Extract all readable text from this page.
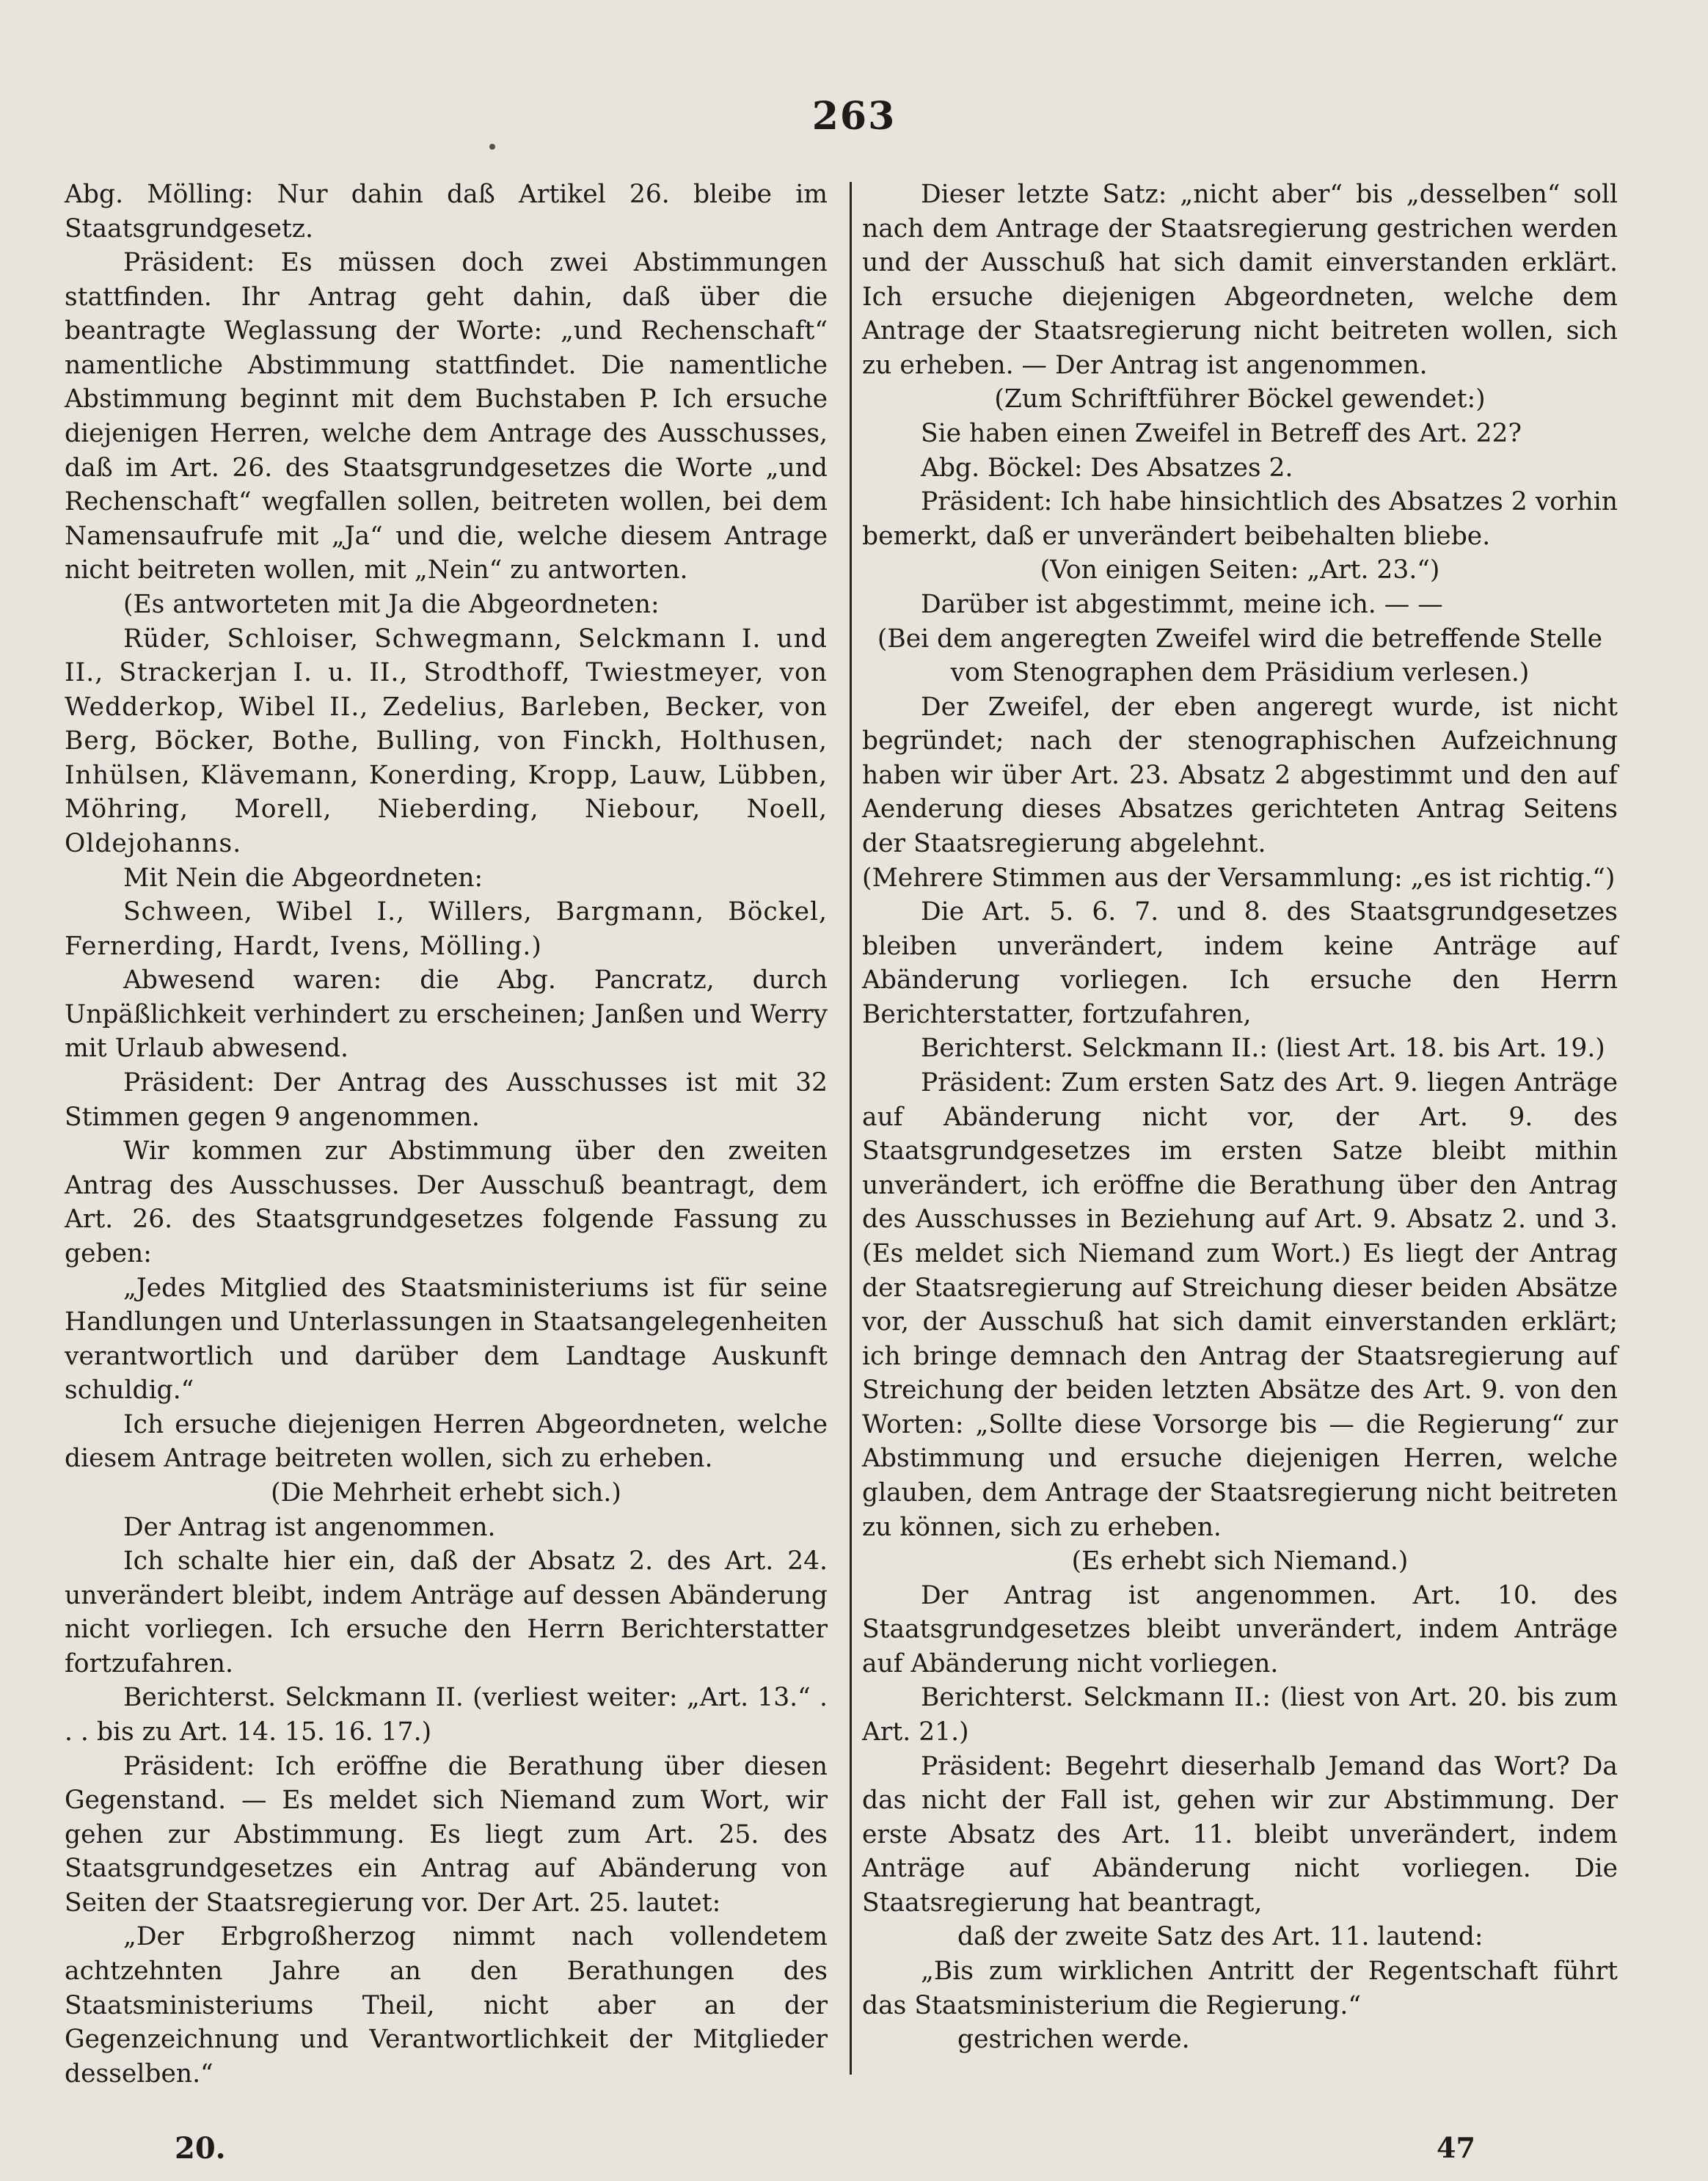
263

Abg. Mölling: Nur dahin daß Artikel 26. bleibe im Staatsgrundgesetz.

Präsident: Es müssen doch zwei Abstimmungen stattfinden. Ihr Antrag geht dahin, daß über die beantragte Weglassung der Worte: „und Rechenschaft“ namentliche Abstimmung stattfindet. Die namentliche Abstimmung beginnt mit dem Buchstaben P. Ich ersuche diejenigen Herren, welche dem Antrage des Ausschusses, daß im Art. 26. des Staatsgrundgesetzes die Worte „und Rechenschaft“ wegfallen sollen, beitreten wollen, bei dem Namensaufrufe mit „Ja“ und die, welche diesem Antrage nicht beitreten wollen, mit „Nein“ zu antworten.

(Es antworteten mit Ja die Abgeordneten:

Rüder, Schloiser, Schwegmann, Selckmann I. und II., Strackerjan I. u. II., Strodthoff, Twiestmeyer, von Wedderkop, Wibel II., Zedelius, Barleben, Becker, von Berg, Böcker, Bothe, Bulling, von Finckh, Holthusen, Inhülsen, Klävemann, Konerding, Kropp, Lauw, Lübben, Möhring, Morell, Nieberding, Niebour, Noell, Oldejohanns.

Mit Nein die Abgeordneten:

Schween, Wibel I., Willers, Bargmann, Böckel, Fernerding, Hardt, Ivens, Mölling.)

Abwesend waren: die Abg. Pancratz, durch Unpäßlichkeit verhindert zu erscheinen; Janßen und Werry mit Urlaub abwesend.

Präsident: Der Antrag des Ausschusses ist mit 32 Stimmen gegen 9 angenommen.

Wir kommen zur Abstimmung über den zweiten Antrag des Ausschusses. Der Ausschuß beantragt, dem Art. 26. des Staatsgrundgesetzes folgende Fassung zu geben:

„Jedes Mitglied des Staatsministeriums ist für seine Handlungen und Unterlassungen in Staatsangelegenheiten verantwortlich und darüber dem Landtage Auskunft schuldig.“

Ich ersuche diejenigen Herren Abgeordneten, welche diesem Antrage beitreten wollen, sich zu erheben.

(Die Mehrheit erhebt sich.)

Der Antrag ist angenommen.

Ich schalte hier ein, daß der Absatz 2. des Art. 24. unverändert bleibt, indem Anträge auf dessen Abänderung nicht vorliegen. Ich ersuche den Herrn Berichterstatter fortzufahren.

Berichterst. Selckmann II. (verliest weiter: „Art. 13.“ . . . bis zu Art. 14. 15. 16. 17.)

Präsident: Ich eröffne die Berathung über diesen Gegenstand. — Es meldet sich Niemand zum Wort, wir gehen zur Abstimmung. Es liegt zum Art. 25. des Staatsgrundgesetzes ein Antrag auf Abänderung von Seiten der Staatsregierung vor. Der Art. 25. lautet:

„Der Erbgroßherzog nimmt nach vollendetem achtzehnten Jahre an den Berathungen des Staatsministeriums Theil, nicht aber an der Gegenzeichnung und Verantwortlichkeit der Mitglieder desselben.“

Dieser letzte Satz: „nicht aber“ bis „desselben“ soll nach dem Antrage der Staatsregierung gestrichen werden und der Ausschuß hat sich damit einverstanden erklärt. Ich ersuche diejenigen Abgeordneten, welche dem Antrage der Staatsregierung nicht beitreten wollen, sich zu erheben. — Der Antrag ist angenommen.

(Zum Schriftführer Böckel gewendet:)

Sie haben einen Zweifel in Betreff des Art. 22?

Abg. Böckel: Des Absatzes 2.

Präsident: Ich habe hinsichtlich des Absatzes 2 vorhin bemerkt, daß er unverändert beibehalten bliebe.

(Von einigen Seiten: „Art. 23.“)

Darüber ist abgestimmt, meine ich. — —

(Bei dem angeregten Zweifel wird die betreffende Stelle vom Stenographen dem Präsidium verlesen.)

Der Zweifel, der eben angeregt wurde, ist nicht begründet; nach der stenographischen Aufzeichnung haben wir über Art. 23. Absatz 2 abgestimmt und den auf Aenderung dieses Absatzes gerichteten Antrag Seitens der Staatsregierung abgelehnt.

(Mehrere Stimmen aus der Versammlung: „es ist richtig.“)

Die Art. 5. 6. 7. und 8. des Staatsgrundgesetzes bleiben unverändert, indem keine Anträge auf Abänderung vorliegen. Ich ersuche den Herrn Berichterstatter, fortzufahren,

Berichterst. Selckmann II.: (liest Art. 18. bis Art. 19.)

Präsident: Zum ersten Satz des Art. 9. liegen Anträge auf Abänderung nicht vor, der Art. 9. des Staatsgrundgesetzes im ersten Satze bleibt mithin unverändert, ich eröffne die Berathung über den Antrag des Ausschusses in Beziehung auf Art. 9. Absatz 2. und 3. (Es meldet sich Niemand zum Wort.) Es liegt der Antrag der Staatsregierung auf Streichung dieser beiden Absätze vor, der Ausschuß hat sich damit einverstanden erklärt; ich bringe demnach den Antrag der Staatsregierung auf Streichung der beiden letzten Absätze des Art. 9. von den Worten: „Sollte diese Vorsorge bis — die Regierung“ zur Abstimmung und ersuche diejenigen Herren, welche glauben, dem Antrage der Staatsregierung nicht beitreten zu können, sich zu erheben.

(Es erhebt sich Niemand.)

Der Antrag ist angenommen. Art. 10. des Staatsgrundgesetzes bleibt unverändert, indem Anträge auf Abänderung nicht vorliegen.

Berichterst. Selckmann II.: (liest von Art. 20. bis zum Art. 21.)

Präsident: Begehrt dieserhalb Jemand das Wort? Da das nicht der Fall ist, gehen wir zur Abstimmung. Der erste Absatz des Art. 11. bleibt unverändert, indem Anträge auf Abänderung nicht vorliegen. Die Staatsregierung hat beantragt,

daß der zweite Satz des Art. 11. lautend:

„Bis zum wirklichen Antritt der Regentschaft führt das Staatsministerium die Regierung.“

gestrichen werde.

20.	47
